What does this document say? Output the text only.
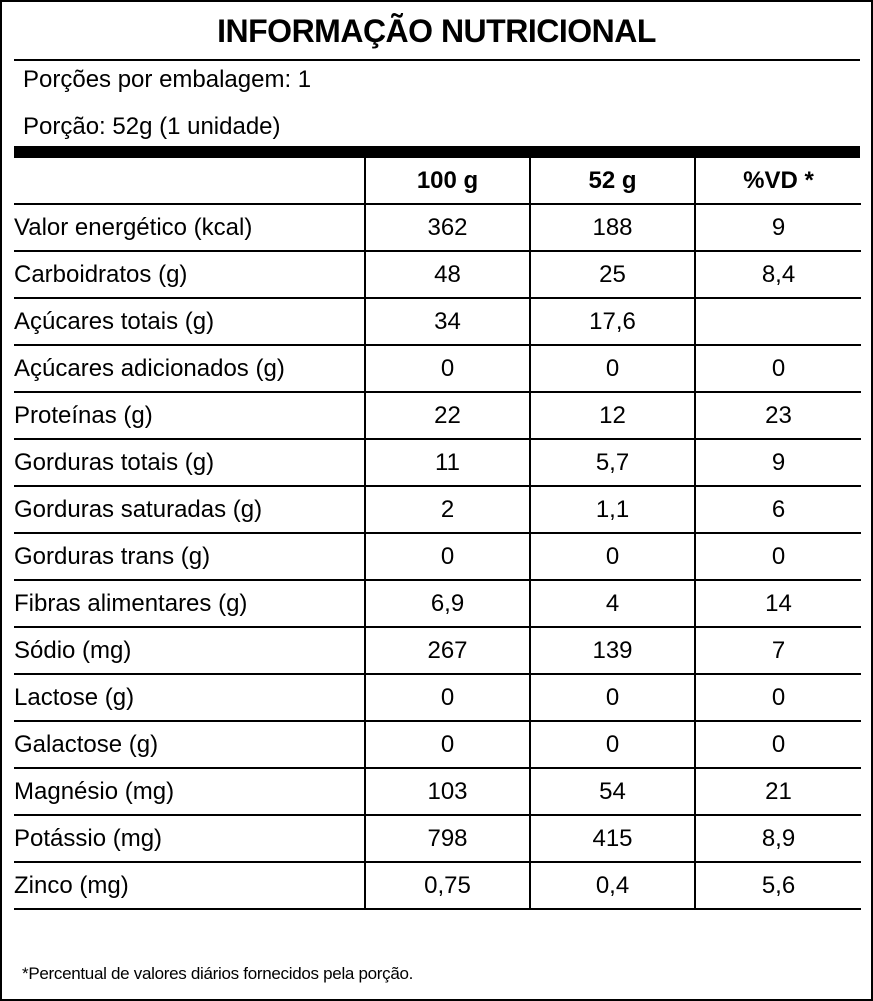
INFORMAÇÃO NUTRICIONAL
Porções por embalagem: 1
Porção: 52g (1 unidade)
	100 g	52 g	%VD *
Valor energético (kcal)	362	188	9
Carboidratos (g)	48	25	8,4
Açúcares totais (g)	34	17,6	
Açúcares adicionados (g)	0	0	0
Proteínas (g)	22	12	23
Gorduras totais (g)	11	5,7	9
Gorduras saturadas (g)	2	1,1	6
Gorduras trans (g)	0	0	0
Fibras alimentares (g)	6,9	4	14
Sódio (mg)	267	139	7
Lactose (g)	0	0	0
Galactose (g)	0	0	0
Magnésio (mg)	103	54	21
Potássio (mg)	798	415	8,9
Zinco (mg)	0,75	0,4	5,6
*Percentual de valores diários fornecidos pela porção.
